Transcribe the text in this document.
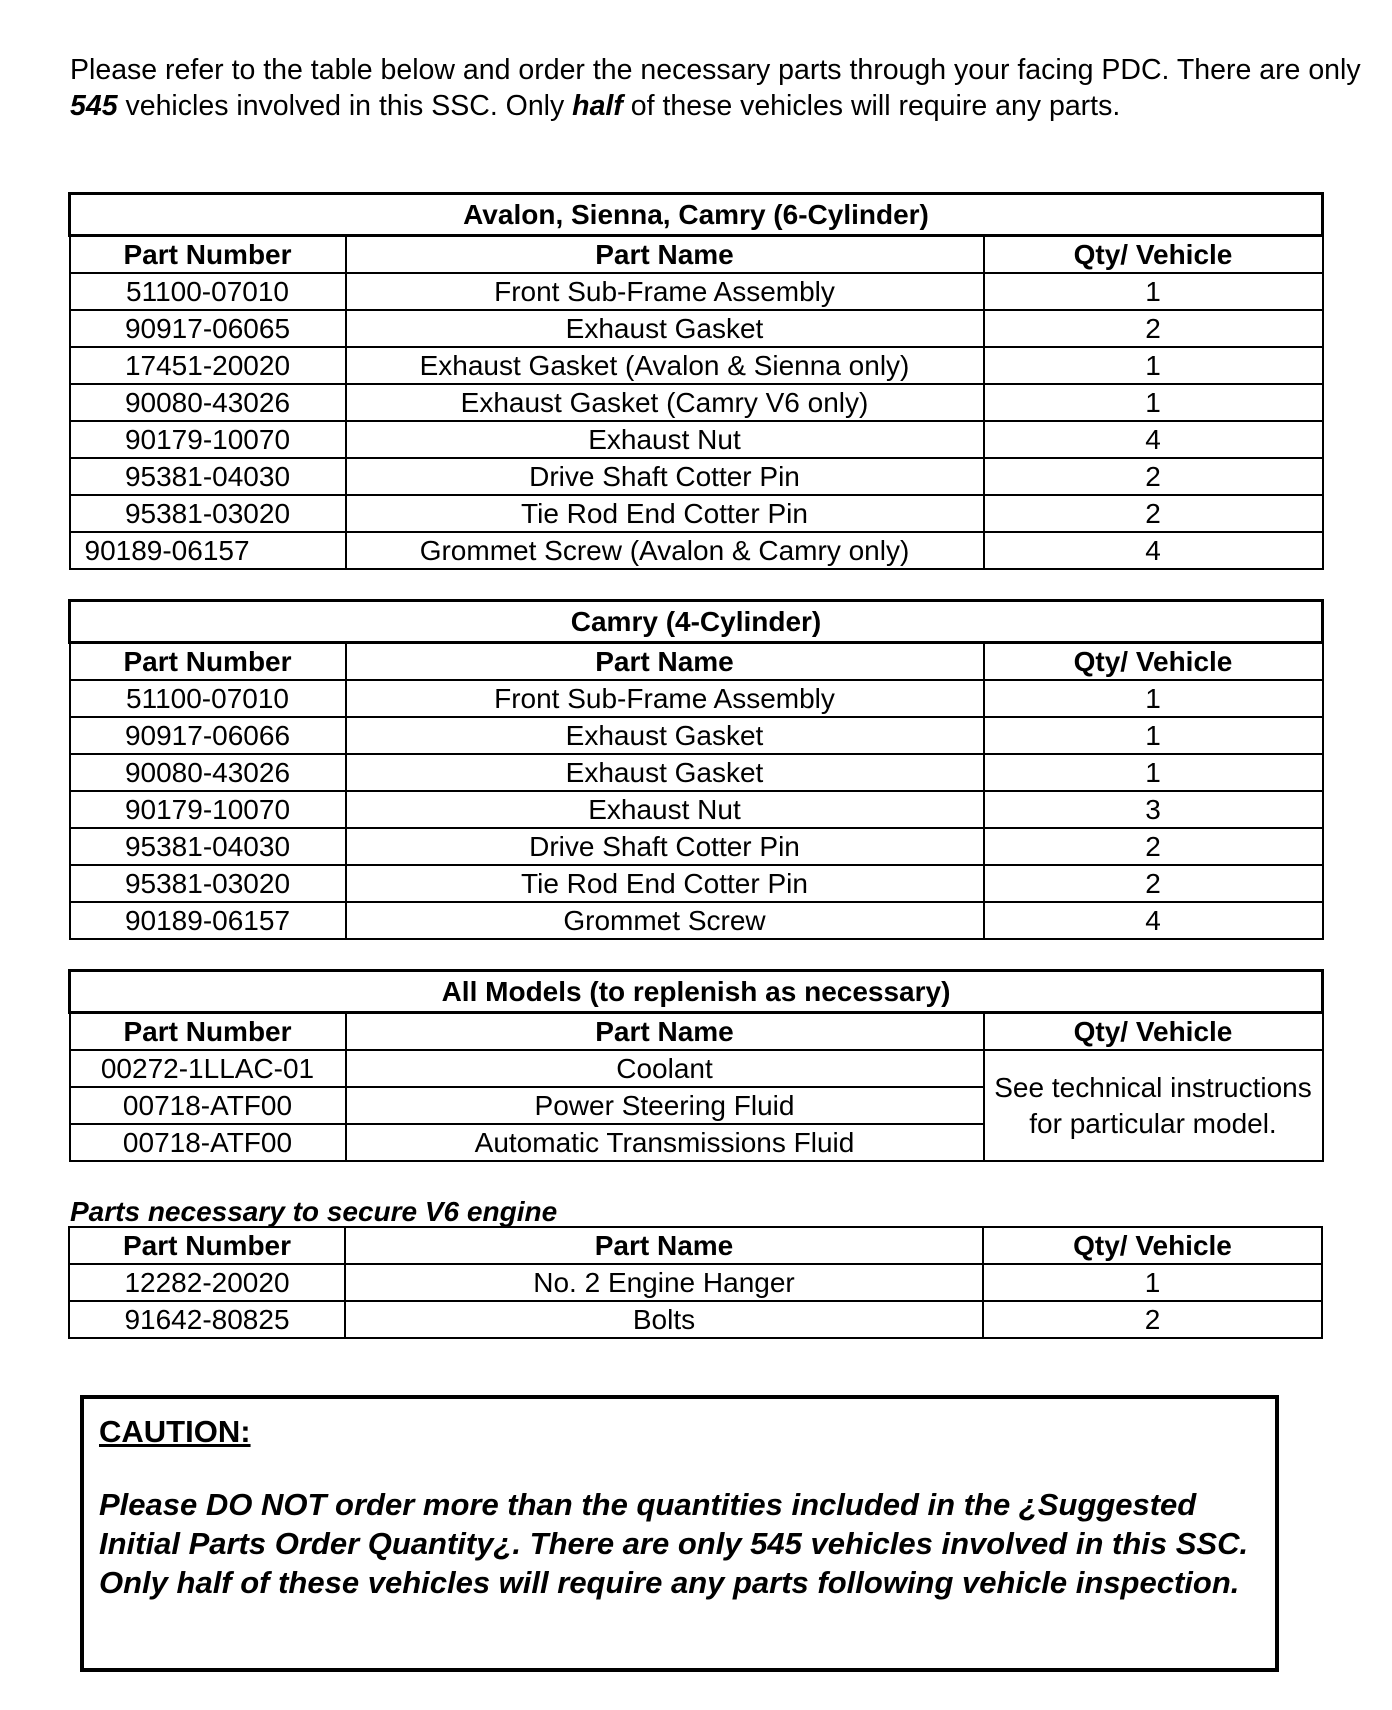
Please refer to the table below and order the necessary parts through your facing PDC. There are only 545 vehicles involved in this SSC. Only half of these vehicles will require any parts.

Avalon, Sienna, Camry (6-Cylinder)		
Part Number	Part Name	Qty/ Vehicle
51100-07010	Front Sub-Frame Assembly	1
90917-06065	Exhaust Gasket	2
17451-20020	Exhaust Gasket (Avalon & Sienna only)	1
90080-43026	Exhaust Gasket (Camry V6 only)	1
90179-10070	Exhaust Nut	4
95381-04030	Drive Shaft Cotter Pin	2
95381-03020	Tie Rod End Cotter Pin	2
90189-06157	Grommet Screw (Avalon & Camry only)	4
Camry (4-Cylinder)		
Part Number	Part Name	Qty/ Vehicle
51100-07010	Front Sub-Frame Assembly	1
90917-06066	Exhaust Gasket	1
90080-43026	Exhaust Gasket	1
90179-10070	Exhaust Nut	3
95381-04030	Drive Shaft Cotter Pin	2
95381-03020	Tie Rod End Cotter Pin	2
90189-06157	Grommet Screw	4
All Models (to replenish as necessary)		
Part Number	Part Name	Qty/ Vehicle
00272-1LLAC-01	Coolant	See technical instructions for particular model.
00718-ATF00	Power Steering Fluid	
00718-ATF00	Automatic Transmissions Fluid	

Parts necessary to secure V6 engine

Part Number	Part Name	Qty/ Vehicle
12282-20020	No. 2 Engine Hanger	1
91642-80825	Bolts	2
CAUTION:

Please DO NOT order more than the quantities included in the ¿Suggested Initial Parts Order Quantity¿. There are only 545 vehicles involved in this SSC. Only half of these vehicles will require any parts following vehicle inspection.
